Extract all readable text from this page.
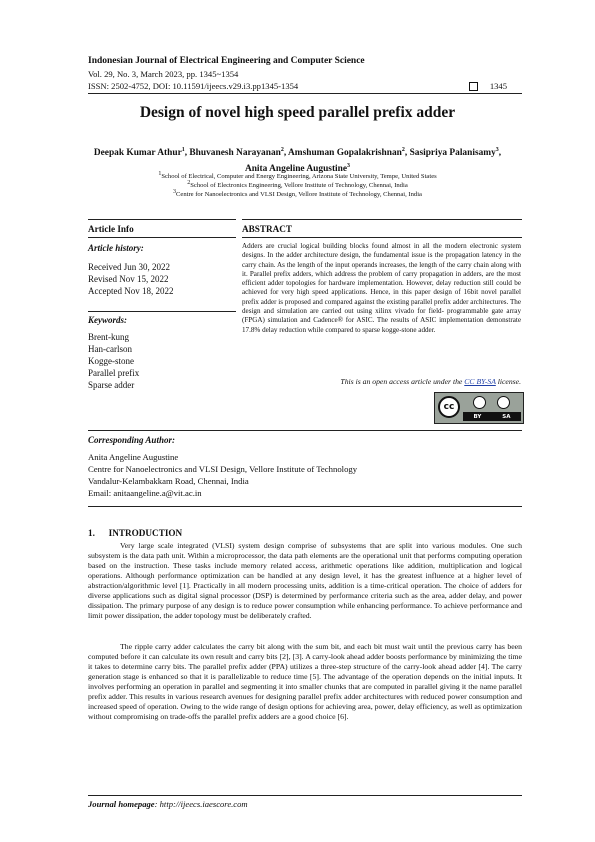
Indonesian Journal of Electrical Engineering and Computer Science
Vol. 29, No. 3, March 2023, pp. 1345~1354
ISSN: 2502-4752, DOI: 10.11591/ijeecs.v29.i3.pp1345-1354	1345
Design of novel high speed parallel prefix adder
Deepak Kumar Athur$^1$, Bhuvanesh Narayanan$^2$, Amshuman Gopalakrishnan$^2$, Sasipriya Palanisamy$^3$,
Anita Angeline Augustine$^3$
$^1$School of Electrical, Computer and Energy Engineering, Arizona State University, Tempe, United States
$^2$School of Electronics Engineering, Vellore Institute of Technology, Chennai, India
$^3$Centre for Nanoelectronics and VLSI Design, Vellore Institute of Technology, Chennai, India
Article Info	ABSTRACT
Article history:
Received Jun 30, 2022
Revised Nov 15, 2022
Accepted Nov 18, 2022
Keywords:
Brent-kung
Han-carlson
Kogge-stone
Parallel prefix
Sparse adder
Adders are crucial logical building blocks found almost in all the modern electronic system designs. In the adder architecture design, the fundamental issue is the propagation latency in the carry chain. As the length of the input operands increases, the length of the carry chain along with it. Parallel prefix adders, which address the problem of carry propagation in adders, are the most efficient adder topologies for hardware implementation. However, delay reduction still could be achieved for very high speed applications. Hence, in this paper design of 16bit novel parallel prefix adder is proposed and compared against the existing parallel prefix adder architectures. The design and simulation are carried out using xilinx vivado for field- programmable gate array (FPGA) simulation and Cadence® for ASIC. The results of ASIC implementation demonstrate 17.8% delay reduction while compared to sparse kogge-stone adder.
This is an open access article under the CC BY-SA license.
cc
BY	SA
Corresponding Author:
Anita Angeline Augustine
Centre for Nanoelectronics and VLSI Design, Vellore Institute of Technology
Vandalur-Kelambakkam Road, Chennai, India
Email: anitaangeline.a@vit.ac.in
1.      INTRODUCTION

Very large scale integrated (VLSI) system design comprise of subsystems that are split into various modules. One such subsystem is the data path unit. Within a microprocessor, the data path elements are the operational unit that performs computing operation based on the instruction. These tasks include memory related access, arithmetic operations like addition, multiplication and logical operations. Although performance optimization can be handled at any design level, it has the greatest influence at a higher level of abstraction/algorithmic level [1]. Practically in all modern processing units, addition is a time-critical operation. The choice of adders for diverse applications such as digital signal processor (DSP) is determined by performance criteria such as the area, adder delay, and power dissipation. The primary purpose of any design is to reduce power consumption while enhancing performance. To achieve performance and limit power dissipation, the adder topology must be deliberately crafted.

The ripple carry adder calculates the carry bit along with the sum bit, and each bit must wait until the previous carry has been computed before it can calculate its own result and carry bits [2], [3]. A carry-look ahead adder boosts performance by minimizing the time it takes to determine carry bits. The parallel prefix adder (PPA) utilizes a three-step structure of the carry-look ahead adder [4]. The carry generation stage is enhanced so that it is parallelizable to reduce time [5]. The advantage of the operation depends on the initial inputs. It involves performing an operation in parallel and segmenting it into smaller chunks that are computed in parallel giving it the name parallel prefix adder. This results in various research avenues for designing parallel prefix adder architectures with reduced power consumption and increased speed of operation. Owing to the wide range of design options for achieving area, power, delay efficiency, as well as optimization without compromising on trade-offs the parallel prefix adders are a good choice [6].

Journal homepage: http://ijeecs.iaescore.com
